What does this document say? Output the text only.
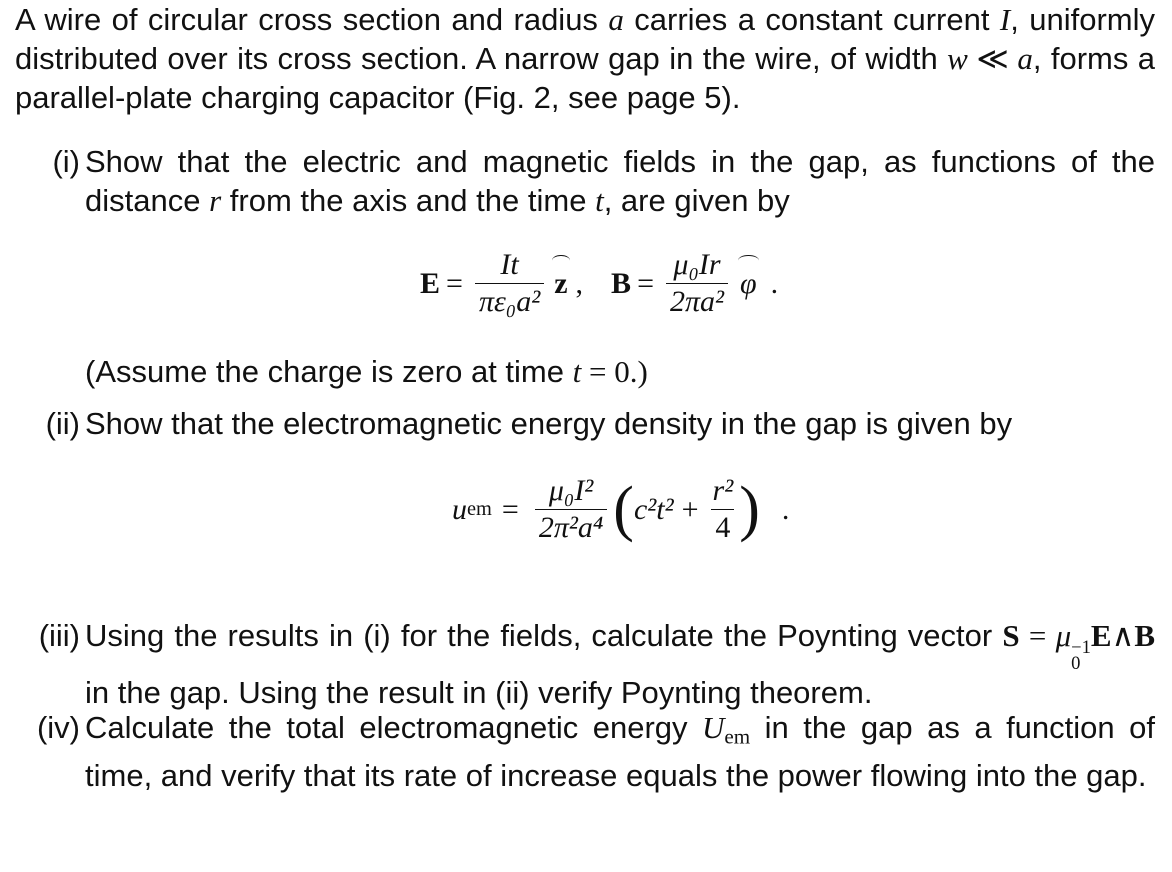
A wire of circular cross section and radius a carries a constant current I, uniformly distributed over its cross section. A narrow gap in the wire, of width w ≪ a, forms a parallel-plate charging capacitor (Fig. 2, see page 5).

(i) Show that the electric and magnetic fields in the gap, as functions of the distance r from the axis and the time t, are given by
$E = \frac{It}{\text{πε₀a²}}$ z , $B = \frac{\text{μ₀Ir}}{\text{2πa²}}$ φ .
(Assume the charge is zero at time t = 0.)
(ii) Show that the electromagnetic energy density in the gap is given by
u em = $\frac{\text{μ₀I²}}{\text{2π²a⁴}}$ ( $c^2t^2 + \frac{\text{r²}}{4}$ ) .
(iii) Using the results in (i) for the fields, calculate the Poynting vector S = μ −1
0
E∧B in the gap. Using the result in (ii) verify Poynting theorem.
(iv) Calculate the total electromagnetic energy $U_{em}$ in the gap as a function of time, and verify that its rate of increase equals the power flowing into the gap.
